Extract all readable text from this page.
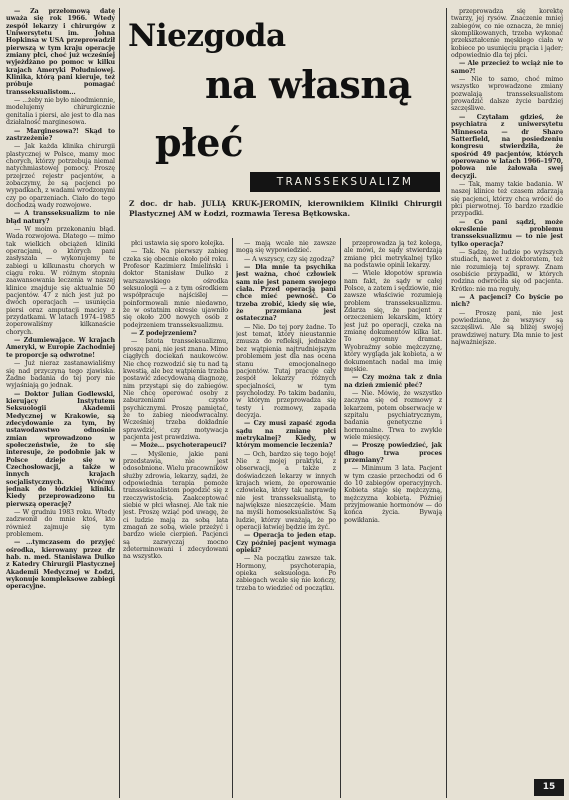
Niezgoda
na własną
płeć
TRANSSEKSUALIZM
Z doc. dr hab. JULIĄ KRUK-JEROMIN, kierownikiem Kliniki Chirurgii Plastycznej AM w Łodzi, rozmawia Teresa Bętkowska.

— Za przełomową datę uważa się rok 1966. Wtedy zespół lekarzy i chirurgów z Uniwersytetu im. Johna Hopkinsa w USA przeprowadził pierwszą w tym kraju operację zmiany płci, choć już wcześniej wyjeżdżano po pomoc w kilku krajach Ameryki Południowej. Klinika, którą pani kieruje, też próbuje pomagać transseksualistom...

— ...żeby nie było nieodmiennie, modelujemy chirurgicznie genitalia i piersi, ale jest to dla nas działalność marginesowa.

— Marginesowa?! Skąd to zastrzeżenie?

— Jak każda klinika chirurgii plastycznej w Polsce, mamy moc chorych, którzy potrzebują niemal natychmiastowej pomocy. Proszę przejrzeć rejestr pacjentów, a zobaczymy, że są pacjenci po wypadkach, z wadami wrodzonymi czy po oparzeniach. Ciało do tego dochodzą wady rozwojowe.

— A transseksualizm to nie błąd natury?

— W moim przekonaniu błąd. Wada rozwojowa. Dlatego — mimo tak wielkich obciążeń kliniki operacjami, o których pani zasłyszała — wykonujemy te zabiegi u kilkunastu chorych w ciągu roku. W różnym stopniu zaawansowania leczenia w naszej klinice znajduje się aktualnie 50 pacjentów. 47 z nich jest już po dwóch operacjach — usunięcia piersi oraz amputacji macicy z przydatkami. W latach 1974–1985 zoperowaliśmy kilkanaście chorych.

— Zdumiewające. W krajach Ameryki, w Europie Zachodniej te proporcje są odwrotne!

— Już nieraz zastanawialiśmy się nad przyczyną tego zjawiska. Żadne badania do tej pory nie wyjaśniają go jednak.

— Doktor Julian Godlewski, kierujący Instytutem Seksuologii Akademii Medycznej w Krakowie, są zdecydowanie za tym, by ustawodawstwo odnośnie zmian wprowadzono w społeczeństwie, że to się interesuje, że podobnie jak w Polsce dzieje się w Czechosłowacji, a także w innych krajach socjalistycznych. Wróćmy jednak do łódzkiej kliniki. Kiedy przeprowadzono tu pierwszą operację?

— W grudniu 1983 roku. Wtedy zadzwonił do mnie ktoś, kto również zajmuje się tym problemem.

— ...tymczasem do przyjęć ośrodka, kierowany przez dr hab. n. med. Stanisława Dulko z Katedry Chirurgii Plastycznej Akademii Medycznej w Łodzi, wykonuje kompleksowe zabiegi operacyjne.

płci ustawia się sporo kolejka.

— Tak. Na pierwszy zabieg czeka się obecnie około pół roku. Profesor Kazimierz Imieliński i doktor Stanisław Dulko z warszawskiego ośrodka seksuologii — a z tym ośrodkiem współpracuje najściślej — poinformowali mnie niedawno, że w ostatnim okresie ujawniło się około 200 nowych osób z podejrzeniem transseksualizmu.

— Z podejrzeniem?

— Istota transseksualizmu, proszę pani, nie jest znana. Mimo ciągłych dociekań naukowców. Nie chcę rozwodzić się tu nad tą kwestią, ale bez wątpienia trzeba postawić zdecydowaną diagnozę, nim przystąpi się do zabiegów. Nie chcę operować osoby z zaburzeniami czysto psychicznymi. Proszę pamiętać, że to zabieg nieodwracalny. Wcześniej trzeba dokładnie sprawdzić, czy motywacja pacjenta jest prawdziwa.

— Może... psychoterapeuci?

— Myślenie, jakie pani przedstawia, nie jest odosobnione. Wielu pracowników służby zdrowia, lekarzy, sądzi, że odpowiednia terapia pomoże transseksualistom pogodzić się z rzeczywistością. Zaakceptować siebie w płci własnej. Ale tak nie jest. Proszę wziąć pod uwagę, że ci ludzie mają za sobą lata zmagań ze sobą, wiele przeżyć i bardzo wiele cierpień. Pacjenci są zazwyczaj mocno zdeterminowani i zdecydowani na wszystko.

— mają wcale nie zawsze mogą się wypowiedzieć.

— A wszyscy, czy się zgodzą?

— Dla mnie ta psychika jest ważna, choć człowiek sam nie jest panem swojego ciała. Przed operacją pani chce mieć pewność. Co trzeba zrobić, kiedy się wie, że przemiana jest ostateczna?

— Nie. Do tej pory żadne. To jest temat, który nieustannie zmusza do refleksji, jednakże bez wątpienia najtrudniejszym problemem jest dla nas ocena stanu emocjonalnego pacjentów. Tutaj pracuje cały zespół lekarzy różnych specjalności, w tym psycholodzy. Po takim badaniu, w którym przeprowadza się testy i rozmowy, zapada decyzja.

— Czy musi zapaść zgoda sądu na zmianę płci metrykalnej? Kiedy, w którym momencie leczenia?

— Och, bardzo się tego boję! Nie z mojej praktyki, z obserwacji, a także z doświadczeń lekarzy w innych krajach wiem, że operowanie człowieka, który tak naprawdę nie jest transseksualistą, to największe nieszczęście. Mam na myśli homoseksualistów. Są ludzie, którzy uważają, że po operacji łatwiej będzie im żyć.

— Operacja to jeden etap. Czy później pacjent wymaga opieki?

— Na początku zawsze tak. Hormony, psychoterapia, opieka seksuologa. Po zabiegach wcale się nie kończy, trzeba to wiedzieć od początku.

przeprowadza ją też kolega, ale mówi, że sądy stwierdzają zmianę płci metrykalnej tylko na podstawie opinii lekarzy.

— Wiele kłopotów sprawia nam fakt, że sądy w całej Polsce, a zatem i sędziowie, nie zawsze właściwie rozumieją problem transseksualizmu. Zdarza się, że pacjent z orzeczeniem lekarskim, który jest już po operacji, czeka na zmianę dokumentów kilka lat. To ogromny dramat. Wyobraźmy sobie mężczyznę, który wygląda jak kobieta, a w dokumentach nadal ma imię męskie.

— Czy można tak z dnia na dzień zmienić płeć?

— Nie. Mówię, że wszystko zaczyna się od rozmowy z lekarzem, potem obserwacje w szpitalu psychiatrycznym, badania genetyczne i hormonalne. Trwa to zwykle wiele miesięcy.

— Proszę powiedzieć, jak długo trwa proces przemiany?

— Minimum 3 lata. Pacjent w tym czasie przechodzi od 6 do 10 zabiegów operacyjnych. Kobieta staje się mężczyzną, mężczyzna kobietą. Później przyjmowanie hormonów — do końca życia. Bywają powikłania.

przeprowadza się korektę twarzy, jej rysów. Znaczenie mniej zabiegów, co nie oznacza, że mniej skomplikowanych, trzeba wykonać przekształcenie męskiego ciała w kobiece po usunięciu prącia i jąder; odpowiednio dla tej płci.

— Ale przecież to wciąż nie to samo?!

— Nie to samo, choć mimo wszystko wprowadzone zmiany pozwalają transseksualistom prowadzić dalsze życie bardziej szczęśliwe.

— Czytałam gdzieś, że psychiatra z uniwersytetu Minnesota — dr Sharo Satterfield, na posiedzeniu kongresu stwierdziła, że spośród 49 pacjentów, których operowano w latach 1966–1970, połowa nie żałowała swej decyzji.

— Tak, mamy takie badania. W naszej klinice też czasem zdarzają się pacjenci, którzy chcą wrócić do płci pierwotnej. To bardzo rzadkie przypadki.

— Co pani sądzi, może określenie problemu transseksualizmu — to nie jest tylko operacja?

— Sądzę, że ludzie po wyższych studiach, nawet z doktoratem, też nie rozumieją tej sprawy. Znam osobiście przypadki, w których rodzina odwróciła się od pacjenta. Krótko: nie ma reguły.

— A pacjenci? Co byście po nich?

— Proszę pani, nie jest powiedziane, że wszyscy są szczęśliwi. Ale są bliżej swojej prawdziwej natury. Dla mnie to jest najważniejsze.

15
